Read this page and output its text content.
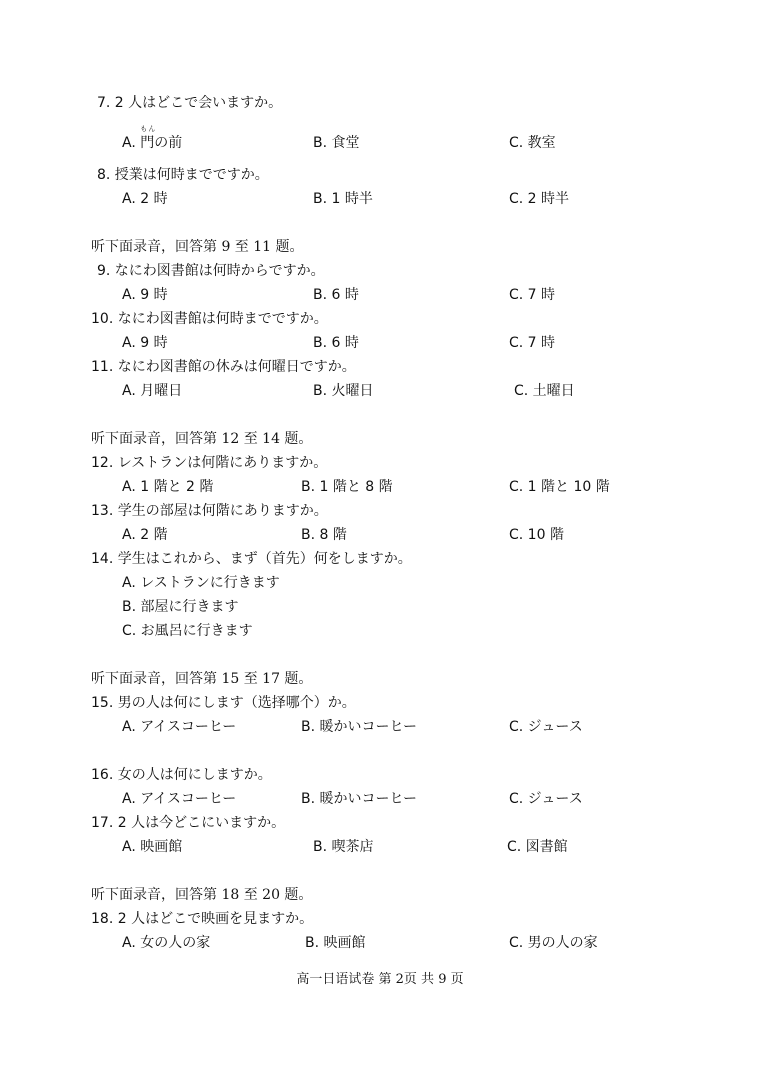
7. 2 人はどこで会いますか。
A. 門
もん
の前	B. 食堂	C. 教室
8. 授業は何時までですか。
A. 2 時	B. 1 時半	C. 2 時半
听下面录音，回答第 9 至 11 题。
9. なにわ図書館は何時からですか。
A. 9 時	B. 6 時	C. 7 時
10. なにわ図書館は何時までですか。
A. 9 時	B. 6 時	C. 7 時
11. なにわ図書館の休みは何曜日ですか。
A. 月曜日	B. 火曜日	C. 土曜日
听下面录音，回答第 12 至 14 题。
12. レストランは何階にありますか。
A. 1 階と 2 階	B. 1 階と 8 階	C. 1 階と 10 階
13. 学生の部屋は何階にありますか。
A. 2 階	B. 8 階	C. 10 階
14. 学生はこれから、まず（首先）何をしますか。
A. レストランに行きます
B. 部屋に行きます
C. お風呂に行きます
听下面录音，回答第 15 至 17 题。
15. 男の人は何にします（选择哪个）か。
A. アイスコーヒー	B. 暖かいコーヒー	C. ジュース
16. 女の人は何にしますか。
A. アイスコーヒー	B. 暖かいコーヒー	C. ジュース
17. 2 人は今どこにいますか。
A. 映画館	B. 喫茶店	C. 図書館
听下面录音，回答第 18 至 20 题。
18. 2 人はどこで映画を見ますか。
A. 女の人の家	B. 映画館	C. 男の人の家
高一日语试卷 第 2页 共 9 页
